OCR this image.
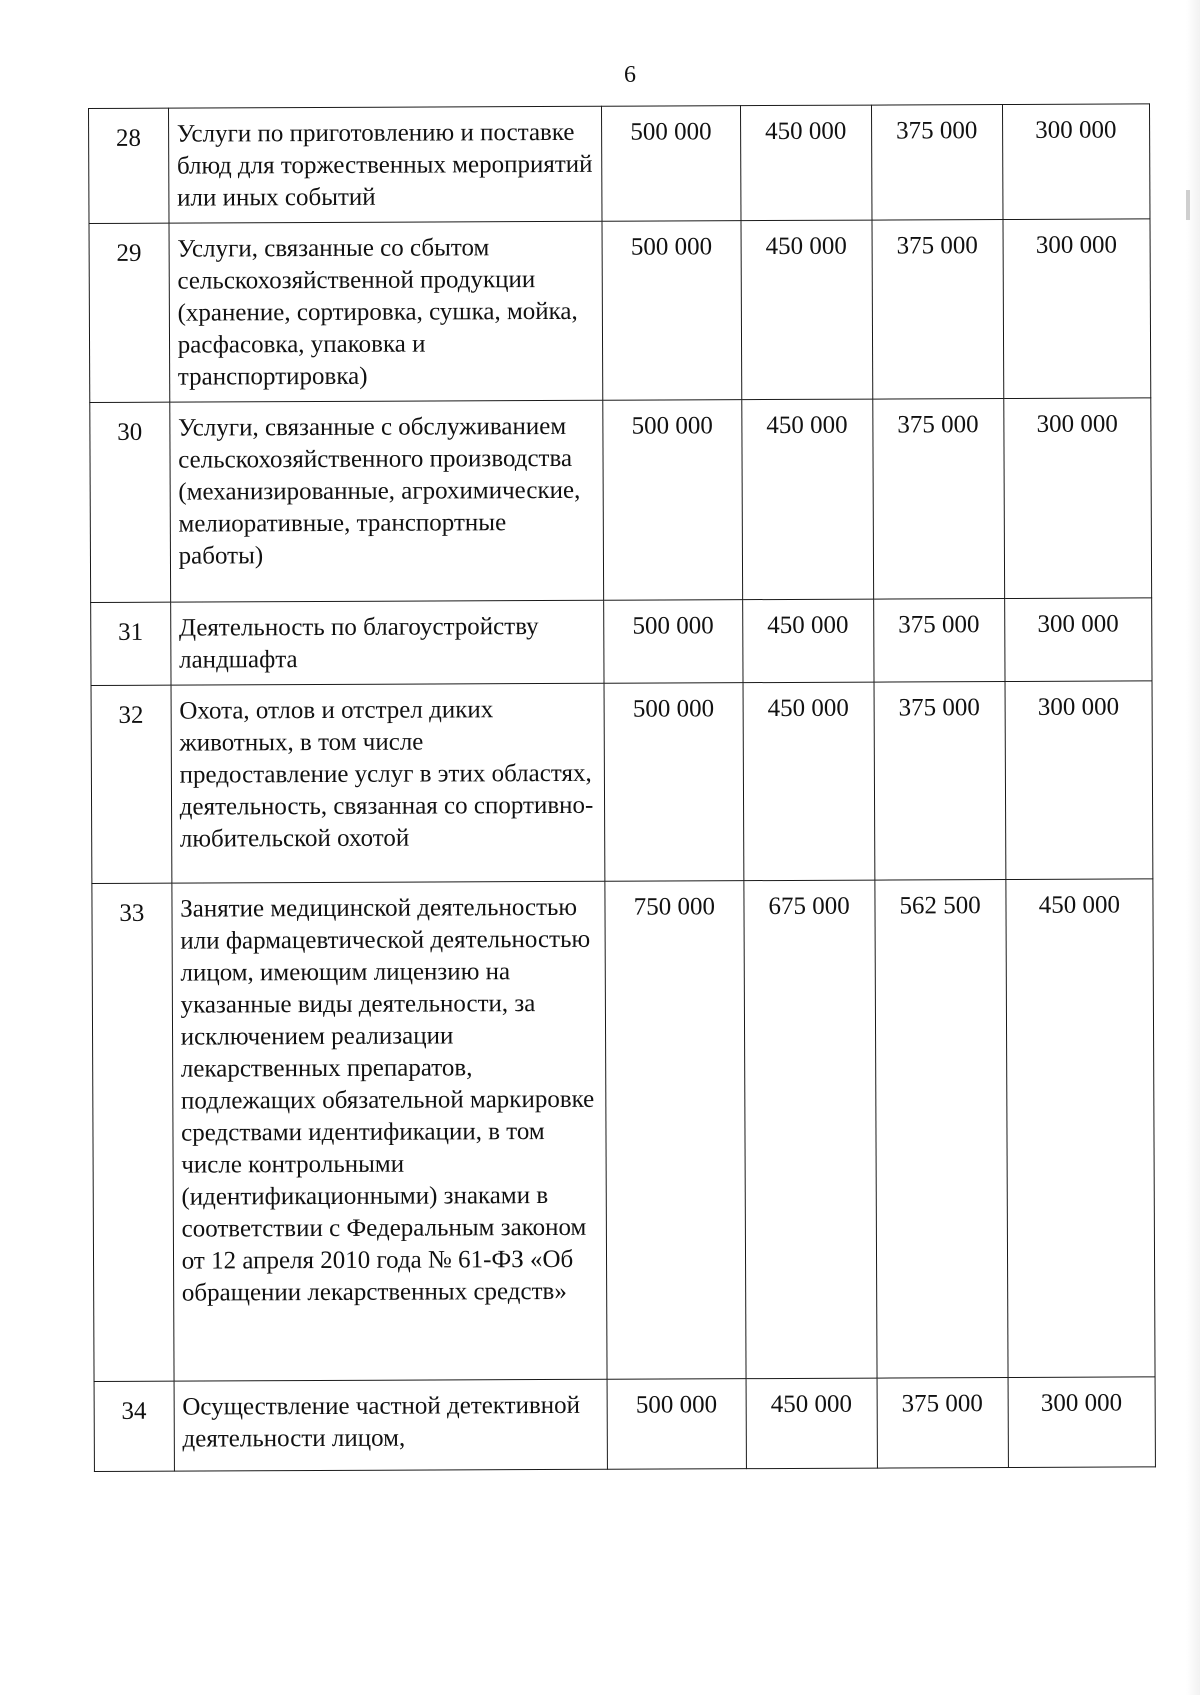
6
28	Услуги по приготовлению и поставке блюд для торжественных мероприятий или иных событий	500 000	450 000	375 000	300 000
29	Услуги, связанные со сбытом сельскохозяйственной продукции (хранение, сортировка, сушка, мойка, расфасовка, упаковка и транспортировка)	500 000	450 000	375 000	300 000
30	Услуги, связанные с обслуживанием сельскохозяйственного производства (механизированные, агрохимические, мелиоративные, транспортные работы)	500 000	450 000	375 000	300 000
31	Деятельность по благоустройству ландшафта	500 000	450 000	375 000	300 000
32	Охота, отлов и отстрел диких животных, в том числе предоставление услуг в этих областях, деятельность, связанная со спортивно-любительской охотой	500 000	450 000	375 000	300 000
33	Занятие медицинской деятельностью или фармацевтической деятельностью лицом, имеющим лицензию на указанные виды деятельности, за исключением реализации лекарственных препаратов, подлежащих обязательной маркировке средствами идентификации, в том числе контрольными (идентификационными) знаками в соответствии с Федеральным законом от 12 апреля 2010 года № 61-ФЗ «Об обращении лекарственных средств»	750 000	675 000	562 500	450 000
34	Осуществление частной детективной деятельности лицом,	500 000	450 000	375 000	300 000
